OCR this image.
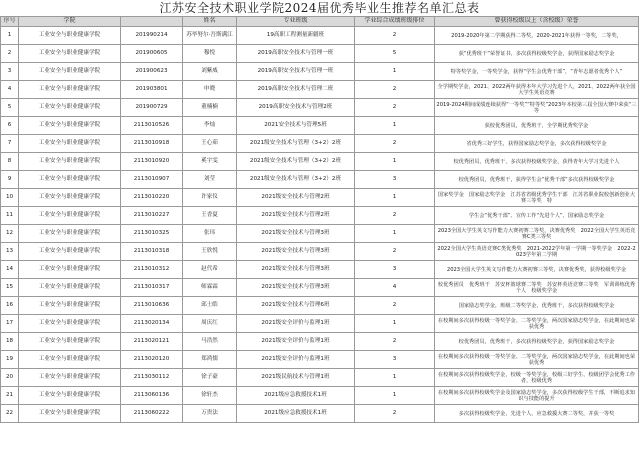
江苏安全技术职业学院2024届优秀毕业生推荐名单汇总表
序号	学院		姓名	专业班级	学业综合成绩班级排位	曾获得校级以上（含校级）荣誉
1	工业安全与职业健康学院	201990214	苏毕努尔·吾斯满江	19高职工程测量新疆班	2	2019-2020年第二学期获得二等奖，2020-2021年获得一等奖，二等奖，
2	工业安全与职业健康学院	201900605	穆悦	2019高职安全技术与管理一班	5	获“优秀班干”荣誉证书，多次获得校级奖学金，获得国家励志奖学金
3	工业安全与职业健康学院	201900623	刘紫威	2019高职安全技术与管理一班	1	特等奖学金，一等奖学金，获得“学生会优秀干部”，“青年志愿者优秀个人”
4	工业安全与职业健康学院	201903801	申晓	2019高职安全技术与管理二班	2	全学期奖学金，2021、2022两年获得本年大学习先进个人，2021、2022两年获全国大学生英语竞赛
5	工业安全与职业健康学院	201900729	董楠楠	2019高职安全技术与管理2班	2	2019-2024期间成绩连续获得“一等奖”“特等奖”2023年本校第三届全国大赛中荣获“三等
6	工业安全与职业健康学院	2113010526	李灿	2021安全技术与管理5班	1	获校优秀团员，优秀班干，全学期优秀奖学金
7	工业安全与职业健康学院	2113010918	王心茹	2021级安全技术与管理（3+2）2班	2	省优秀三好学生，获得国家励志奖学金，多次获得校级奖学金
8	工业安全与职业健康学院	2113010920	奚宇雯	2021级安全技术与管理（3+2）2班	1	校优秀团员，优秀班干，多次获得校级奖学金，获得青年大学习先进个人
9	工业安全与职业健康学院	2113010907	刘莹	2021级安全技术与管理（3+2）2班	3	校优秀团员，优秀班干，获得学生会“优秀干部”多次获得校级奖学金
10	工业安全与职业健康学院	2113010220	许家仪	2021级安全技术与管理2班	1	国家奖学金　国家励志奖学金　江苏省省级优秀学生干部　江苏省职业院校创新创业大赛三等奖　特
11	工业安全与职业健康学院	2113010227	王香夏	2021级安全技术与管理2班	2	学生会“优秀干部”、宣传工作“先进个人”、国家励志奖学金
12	工业安全与职业健康学院	2113010325	张玮	2021级安全技术与管理3班	1	2023全国大学生英文写作能力大赛初赛二等奖，决赛优秀奖　2022全国大学生英语竞赛C类三等奖
13	工业安全与职业健康学院	2113010318	王欣悦	2021级安全技术与管理3班	2	2022全国大学生英语竞赛C类优秀奖　2021-2022学年第一学期一等奖学金　2022-2023学年第二学期
14	工业安全与职业健康学院	2113010312	赵代希	2021级安全技术与管理3班	3	2023全国大学生英文写作能力大赛初赛三等奖，决赛优秀奖，获得校级奖学金
15	工业安全与职业健康学院	2113010317	师霖霖	2021级安全技术与管理3班	4	校优秀团员　优秀班干　苏安杯篮球赛二等奖　苏安杯英语竞赛三等奖　军训训练优秀个人　校级奖学金
16	工业安全与职业健康学院	2113010636	邱士皓	2021级安全技术与管理6班	2	国家励志奖学金，班级二等奖学金，优秀班干，多次获得校级奖学金
17	工业安全与职业健康学院	2113020134	周庆红	2021级安全评价与监理1班	1	在校期间多次获得校级一等奖学金、二等奖学金，两次国家励志奖学金，在此期间也荣获优秀
18	工业安全与职业健康学院	2113020121	马浩然	2021级安全评价与监理1班	2	校优秀团员，优秀班干，多次获得校级奖学金，获得国家励志奖学金
19	工业安全与职业健康学院	2113020120	郑鸿儒	2021级安全评价与监理1班	3	在校期间多次获得校级一等奖学金、二等奖学金，两次国家励志奖学金，在此期间也荣获优秀
20	工业安全与职业健康学院	2113030112	徐子豪	2021级民航技术与管理1班	1	在校期间多次获得校级奖学金，校级一等奖学金，校级三好学生、校级团学会优秀工作者，校级优秀
21	工业安全与职业健康学院	2113060136	徐轩杰	2021级应急救援技术1班	1	在校期间多次获得校级奖学金及国家励志奖学金，多次获得校级学生干部，不断追求知识与技能的提升
22	工业安全与职业健康学院	2113060222	万贵法	2021级应急救援技术1班	2	多次获得校级奖学金，先进个人，应急救援大赛二等奖，并获一等奖
